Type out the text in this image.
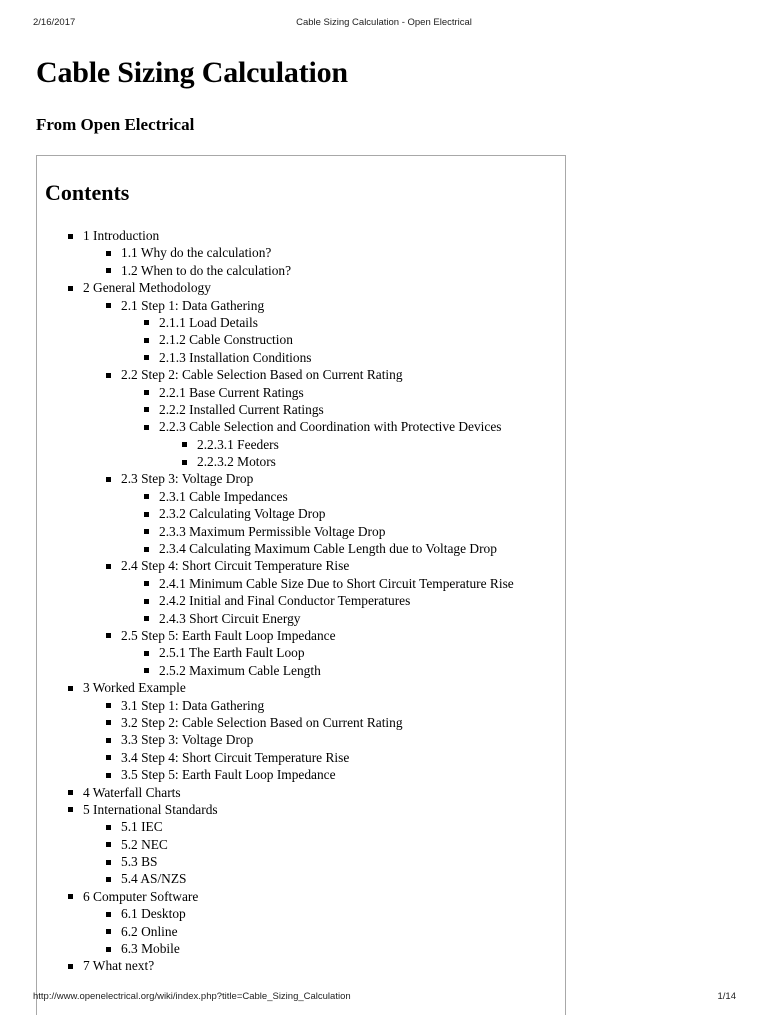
2/16/2017	Cable Sizing Calculation - Open Electrical
Cable Sizing Calculation
From Open Electrical
Contents
1 Introduction
1.1 Why do the calculation?
1.2 When to do the calculation?
2 General Methodology
2.1 Step 1: Data Gathering
2.1.1 Load Details
2.1.2 Cable Construction
2.1.3 Installation Conditions
2.2 Step 2: Cable Selection Based on Current Rating
2.2.1 Base Current Ratings
2.2.2 Installed Current Ratings
2.2.3 Cable Selection and Coordination with Protective Devices
2.2.3.1 Feeders
2.2.3.2 Motors
2.3 Step 3: Voltage Drop
2.3.1 Cable Impedances
2.3.2 Calculating Voltage Drop
2.3.3 Maximum Permissible Voltage Drop
2.3.4 Calculating Maximum Cable Length due to Voltage Drop
2.4 Step 4: Short Circuit Temperature Rise
2.4.1 Minimum Cable Size Due to Short Circuit Temperature Rise
2.4.2 Initial and Final Conductor Temperatures
2.4.3 Short Circuit Energy
2.5 Step 5: Earth Fault Loop Impedance
2.5.1 The Earth Fault Loop
2.5.2 Maximum Cable Length
3 Worked Example
3.1 Step 1: Data Gathering
3.2 Step 2: Cable Selection Based on Current Rating
3.3 Step 3: Voltage Drop
3.4 Step 4: Short Circuit Temperature Rise
3.5 Step 5: Earth Fault Loop Impedance
4 Waterfall Charts
5 International Standards
5.1 IEC
5.2 NEC
5.3 BS
5.4 AS/NZS
6 Computer Software
6.1 Desktop
6.2 Online
6.3 Mobile
7 What next?
http://www.openelectrical.org/wiki/index.php?title=Cable_Sizing_Calculation	1/14
